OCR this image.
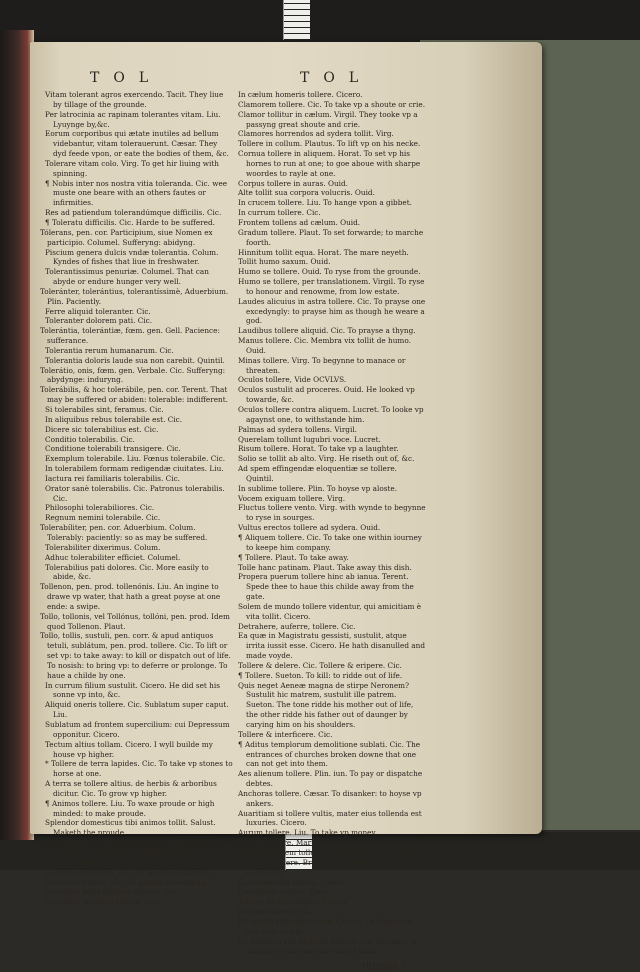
TOL	TOL
Vitam tolerant agros exercendo. Tacit. They liue by tillage of the grounde.
Per latrocinia ac rapinam tolerantes vitam. Liu. Lyuynge by,&c.
Eorum corporibus qui ætate inutiles ad bellum videbantur, vitam tolerauerunt. Cæsar. They dyd feede vpon, or eate the bodies of them, &c.
Tolerare vitam colo. Virg. To get hir liuing with spinning.
¶ Nobis inter nos nostra vitia toleranda. Cic. wee muste one beare with an others fautes or infirmities.
Res ad patiendum tolerandúmque difficilis. Cic.
¶ Toleratu difficilis. Cic. Harde to be suffered.
Tólerans, pen. cor. Participium, siue Nomen ex participio. Columel. Sufferyng: abidyng.
Piscium genera dulcis vndæ tolerantia. Colum. Kyndes of fishes that liue in freshwater.
Tolerantissimus penuriæ. Columel. That can abyde or endure hunger very well.
Toleránter, tolerántius, tolerantíssimè, Aduerbium. Plin. Paciently.
Ferre aliquid toleranter. Cic.
Toleranter dolorem pati. Cic.
Tolerántia, tolerántiæ, fœm. gen. Gell. Pacience: sufferance.
Tolerantia rerum humanarum. Cic.
Tolerantia doloris laude sua non carebit. Quintil.
Tolerátio, onis, fœm. gen. Verbale. Cic. Sufferyng: abydynge: induryng.
Tolerábilis, & hoc tolerábile, pen. cor. Terent. That may be suffered or abiden: tolerable: indifferent.
Si tolerabiles sint, feramus. Cic.
In aliquibus rebus tolerabile est. Cic.
Dicere sic tolerabilius est. Cic.
Conditio tolerabilis. Cic.
Conditione tolerabili transigere. Cic.
Exemplum tolerabile. Liu. Fœnus tolerabile. Cic.
In tolerabilem formam redigendæ ciuitates. Liu.
Iactura rei familiaris tolerabilis. Cic.
Orator sanè tolerabilis. Cic. Patronus tolerabilis. Cic.
Philosophi tolerabiliores. Cic.
Regnum nemini tolerabile. Cic.
Tolerabíliter, pen. cor. Aduerbium. Colum. Tolerably: paciently: so as may be suffered.
Tolerabiliter dixerimus. Colum.
Adhuc tolerabiliter efficiet. Columel.
Tolerabilius pati dolores. Cic. More easily to abide, &c.
Tollenon, pen. prod. tollenónis. Liu. An ingine to drawe vp water, that hath a great poyse at one ende: a swipe.
Tollo, tollonis, vel Tollónus, tollóni, pen. prod. Idem quod Tollenon. Plaut.
Tollo, tollis, sustuli, pen. corr. & apud antiquos tetuli, sublátum, pen. prod. tollere. Cic. To lift or set vp: to take away: to kill or dispatch out of life. To nosish: to bring vp: to deferre or prolonge. To haue a childe by one.
In currum filium sustulit. Cicero. He did set his sonne vp into, &c.
Aliquid oneris tollere. Cic. Sublatum super caput. Liu.
Sublatum ad frontem supercilium: cui Depressum opponitur. Cicero.
Tectum altius tollam. Cicero. I wyll builde my house vp higher.
* Tollere de terra lapides. Cic. To take vp stones to horse at one.
A terra se tollere altius. de herbis & arboribus dicitur. Cic. To grow vp higher.
¶ Animos tollere. Liu. To waxe proude or high minded: to make proude.
Splendor domesticus tibi animos tollit. Salust. Maketh the proude.
Quia paululum vobis accessit pecuniæ, Sublati animi sunt. Terent. You are high minded, &c.
Arbos se sustulit. Virg.
Cachinnum tollere. Cic. To laugh out alowde.
In cælum tollere. Cic. To prayse excedyngly.
In cælum fama aliquem tollere. Cic.
In cælum laudibus tollere. Cic.
In cælum homeris tollere. Cicero.
Clamorem tollere. Cic. To take vp a shoute or crie.
Clamor tollitur in cælum. Virgil. They tooke vp a passyng great shoute and crie.
Clamores horrendos ad sydera tollit. Virg.
Tollere in collum. Plautus. To lift vp on his necke.
Cornua tollere in aliquem. Horat. To set vp his hornes to run at one; to goe aboue with sharpe woordes to rayle at one.
Corpus tollere in auras. Ouid.
Alte tollit sua corpora volucris. Ouid.
In crucem tollere. Liu. To hange vpon a gibbet.
In currum tollere. Cic.
Frontem tollens ad cælum. Ouid.
Gradum tollere. Plaut. To set forwarde; to marche foorth.
Hinnitum tollit equa. Horat. The mare neyeth.
Tollit humo saxum. Ouid.
Humo se tollere. Ouid. To ryse from the grounde.
Humo se tollere, per translationem. Virgil. To ryse to honour and renowme, from low estate.
Laudes alicuius in astra tollere. Cic. To prayse one excedyngly: to prayse him as though he weare a god.
Laudibus tollere aliquid. Cic. To prayse a thyng.
Manus tollere. Cic. Membra vix tollit de humo. Ouid.
Minas tollere. Virg. To begynne to manace or threaten.
Oculos tollere, Vide OCVLVS.
Oculos sustulit ad proceres. Ouid. He looked vp towarde, &c.
Oculos tollere contra aliquem. Lucret. To looke vp agaynst one, to withstande him.
Palmas ad sydera tollens. Virgil.
Querelam tollunt lugubri voce. Lucret.
Risum tollere. Horat. To take vp a laughter.
Solio se tollit ab alto. Virg. He riseth out of, &c.
Ad spem effingendæ eloquentiæ se tollere. Quintil.
In sublime tollere. Plin. To hoyse vp aloste.
Vocem exiguam tollere. Virg.
Fluctus tollere vento. Virg. with wynde to begynne to ryse in sourges.
Vultus erectos tollere ad sydera. Ouid.
¶ Aliquem tollere. Cic. To take one within iourney to keepe him company.
¶ Tollere. Plaut. To take away.
Tolle hanc patinam. Plaut. Take away this dish.
Propera puerum tollere hinc ab ianua. Terent. Spede thee to haue this childe away from the gate.
Solem de mundo tollere videntur, qui amicitiam è vita tollit. Cicero.
Detrahere, auferre, tollere. Cic.
Ea quæ in Magistratu gessisti, sustulit, atque irrita iussit esse. Cicero. He hath disanulled and made voyde.
Tollere & delere. Cic. Tollere & eripere. Cic.
¶ Tollere. Sueton. To kill: to ridde out of life.
Quis neget Aeneæ magna de stirpe Neronem? Sustulit hic matrem, sustulit ille patrem. Sueton. The tone ridde his mother out of life, the other ridde his father out of daunger by carying him on his shoulders.
Tollere & interficere. Cic.
¶ Aditus templorum demolitione sublati. Cic. The entrances of churches broken downe that one can not get into them.
Aes alienum tollere. Plin. iun. To pay or dispatche debtes.
Anchoras tollere. Cæsar. To disanker: to hoyse vp ankers.
Auaritiam si tollere vultis, mater eius tollenda est luxuries. Cicero.
Aurum tollere. Liu. To take vp money.
Calices tollere. Martial.
Consuetudinem tollere. Cic. To abolish a custome.
Consules tollere. Brutus ad Ciceronem. To kill the Consulles.
Controuersias tollere. Cæsar.
Conuiuium tollere. Plaut.
Tollere de loco aliquo. Cicero.
De fano tollere. Cic.
De medio aliquem tollere. Cicero. To dispatche one oute of lyfe.
De oratione sua aliquem tollere. Cic. To name or mention a man no more in his talke.
HHHhhh 5
